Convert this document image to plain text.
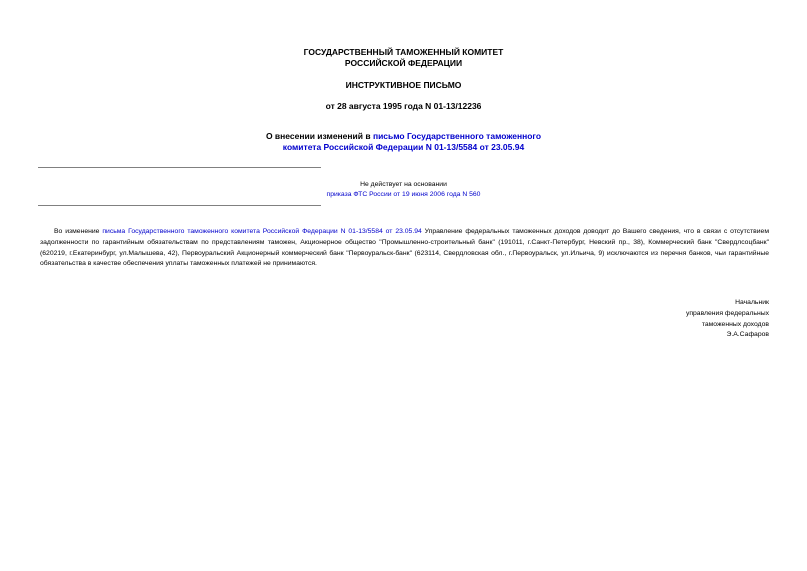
ГОСУДАРСТВЕННЫЙ ТАМОЖЕННЫЙ КОМИТЕТ
РОССИЙСКОЙ ФЕДЕРАЦИИ
ИНСТРУКТИВНОЕ ПИСЬМО
от 28 августа 1995 года N 01-13/12236
О внесении изменений в письмо Государственного таможенного
комитета Российской Федерации N 01-13/5584 от 23.05.94
Не действует на основании
приказа ФТС России от 19 июня 2006 года N 560

Во изменение письма Государственного таможенного комитета Российской Федерации N 01-13/5584 от 23.05.94 Управление федеральных таможенных доходов доводит до Вашего сведения, что в связи с отсутствием задолженности по гарантийным обязательствам по представлениям таможен, Акционерное общество "Промышленно-строительный банк" (191011, г.Санкт-Петербург, Невский пр., 38), Коммерческий банк "Свердлсоцбанк" (620219, г.Екатеринбург, ул.Малышева, 42), Первоуральский Акционерный коммерческий банк "Первоуральск-банк" (623114, Свердловская обл., г.Первоуральск, ул.Ильича, 9) исключаются из перечня банков, чьи гарантийные обязательства в качестве обеспечения уплаты таможенных платежей не принимаются.

Начальник
управления федеральных
таможенных доходов
Э.А.Сафаров
